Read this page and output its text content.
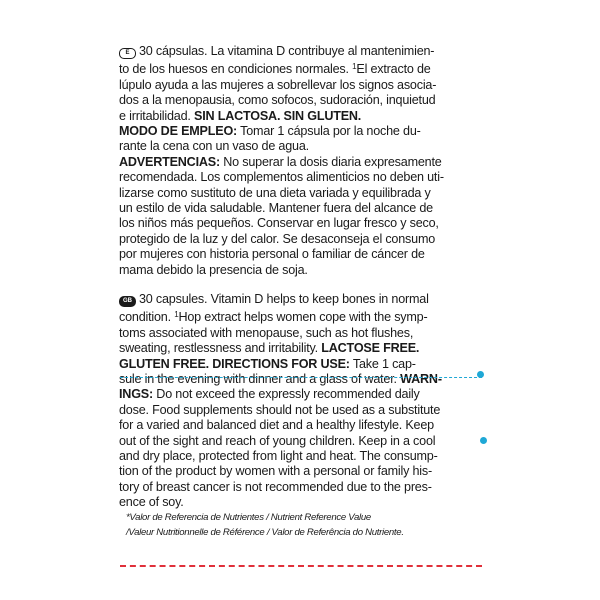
E 30 cápsulas. La vitamina D contribuye al mantenimien-
to de los huesos en condiciones normales. $^1$El extracto de
lúpulo ayuda a las mujeres a sobrellevar los signos asocia-
dos a la menopausia, como sofocos, sudoración, inquietud
e irritabilidad. SIN LACTOSA. SIN GLUTEN.
MODO DE EMPLEO: Tomar 1 cápsula por la noche du-
rante la cena con un vaso de agua.
ADVERTENCIAS: No superar la dosis diaria expresamente
recomendada. Los complementos alimenticios no deben uti-
lizarse como sustituto de una dieta variada y equilibrada y
un estilo de vida saludable. Mantener fuera del alcance de
los niños más pequeños. Conservar en lugar fresco y seco,
protegido de la luz y del calor. Se desaconseja el consumo
por mujeres con historia personal o familiar de cáncer de
mama debido la presencia de soja.
GB 30 capsules. Vitamin D helps to keep bones in normal
condition. $^1$Hop extract helps women cope with the symp-
toms associated with menopause, such as hot flushes,
sweating, restlessness and irritability. LACTOSE FREE.
GLUTEN FREE. DIRECTIONS FOR USE: Take 1 cap-
sule in the evening with dinner and a glass of water. WARN-
INGS: Do not exceed the expressly recommended daily
dose. Food supplements should not be used as a substitute
for a varied and balanced diet and a healthy lifestyle. Keep
out of the sight and reach of young children. Keep in a cool
and dry place, protected from light and heat. The consump-
tion of the product by women with a personal or family his-
tory of breast cancer is not recommended due to the pres-
ence of soy.
*Valor de Referencia de Nutrientes / Nutrient Reference Value
/Valeur Nutritionnelle de Référence / Valor de Referência do Nutriente.
